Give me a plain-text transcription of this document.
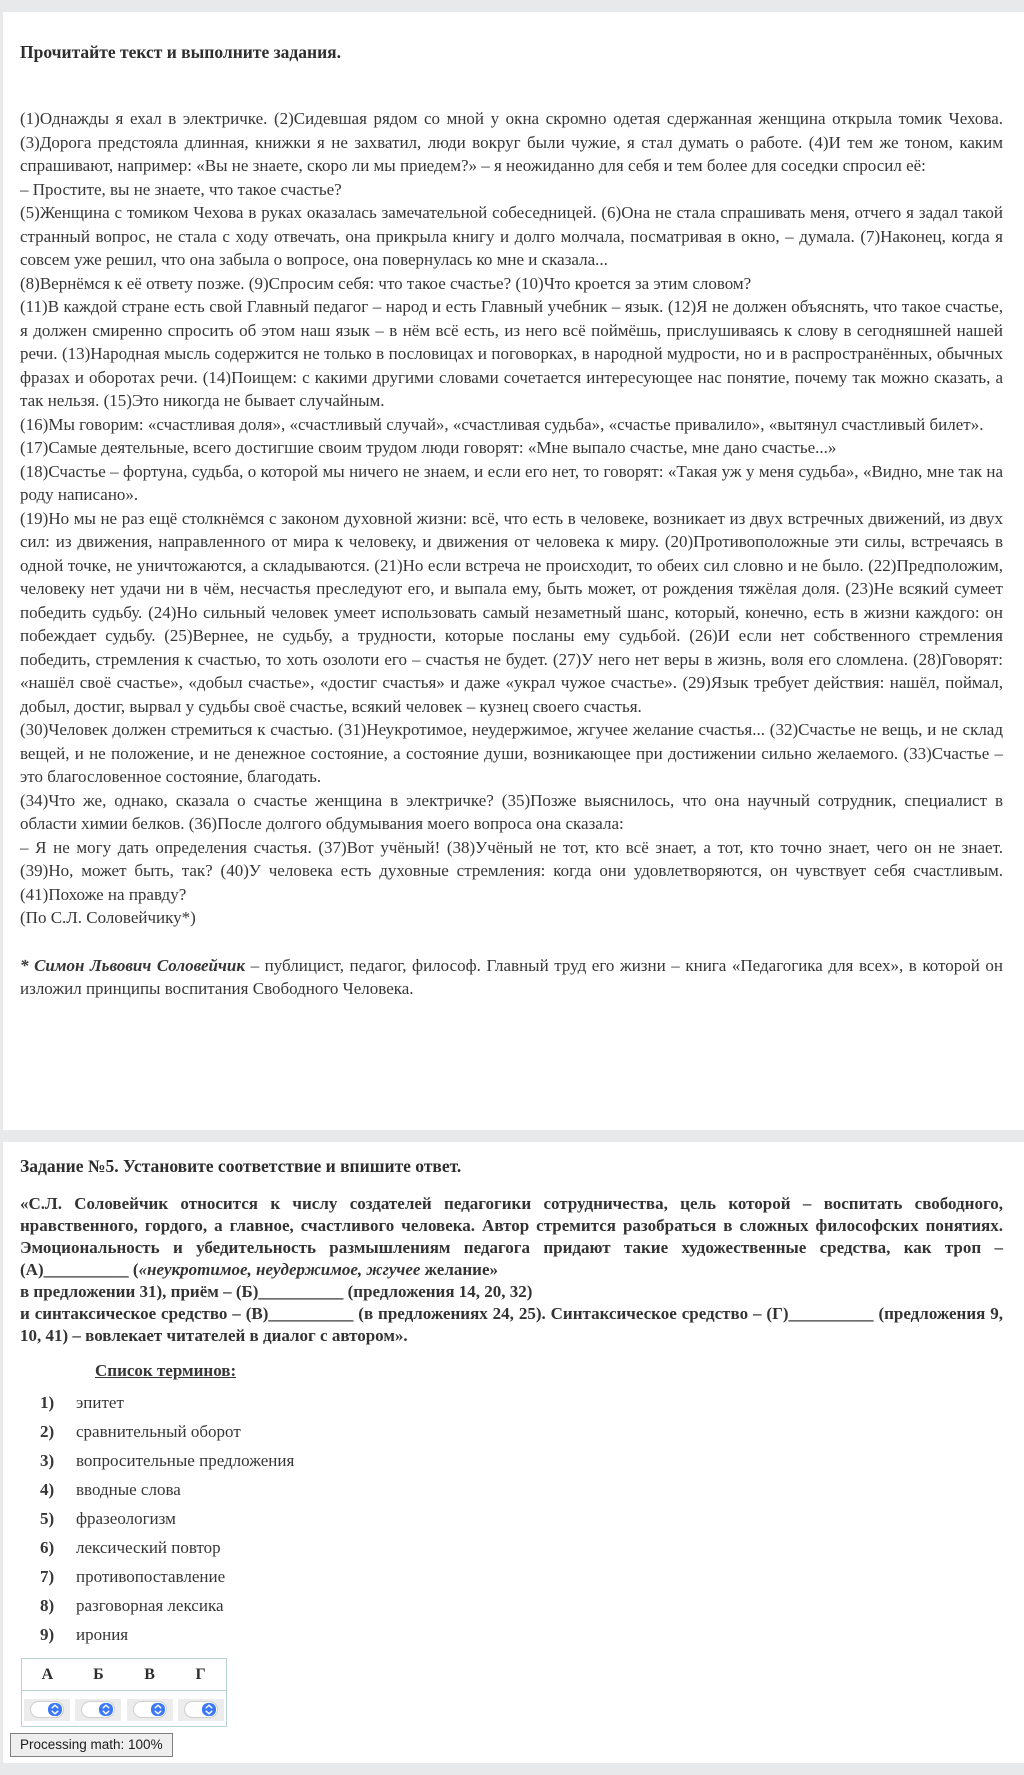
Прочитайте текст и выполните задания.

(1)Однажды я ехал в электричке. (2)Сидевшая рядом со мной у окна скромно одетая сдержанная женщина открыла томик Чехова. (3)Дорога предстояла длинная, книжки я не захватил, люди вокруг были чужие, я стал думать о работе. (4)И тем же тоном, каким спрашивают, например: «Вы не знаете, скоро ли мы приедем?» – я неожиданно для себя и тем более для соседки спросил её:

– Простите, вы не знаете, что такое счастье?

(5)Женщина с томиком Чехова в руках оказалась замечательной собеседницей. (6)Она не стала спрашивать меня, отчего я задал такой странный вопрос, не стала с ходу отвечать, она прикрыла книгу и долго молчала, посматривая в окно, – думала. (7)Наконец, когда я совсем уже решил, что она забыла о вопросе, она повернулась ко мне и сказала...

(8)Вернёмся к её ответу позже. (9)Спросим себя: что такое счастье? (10)Что кроется за этим словом?

(11)В каждой стране есть свой Главный педагог – народ и есть Главный учебник – язык. (12)Я не должен объяснять, что такое счастье, я должен смиренно спросить об этом наш язык – в нём всё есть, из него всё поймёшь, прислушиваясь к слову в сегодняшней нашей речи. (13)Народная мысль содержится не только в пословицах и поговорках, в народной мудрости, но и в распространённых, обычных фразах и оборотах речи. (14)Поищем: с какими другими словами сочетается интересующее нас понятие, почему так можно сказать, а так нельзя. (15)Это никогда не бывает случайным.

(16)Мы говорим: «счастливая доля», «счастливый случай», «счастливая судьба», «счастье привалило», «вытянул счастливый билет».

(17)Самые деятельные, всего достигшие своим трудом люди говорят: «Мне выпало счастье, мне дано счастье...»

(18)Счастье – фортуна, судьба, о которой мы ничего не знаем, и если его нет, то говорят: «Такая уж у меня судьба», «Видно, мне так на роду написано».

(19)Но мы не раз ещё столкнёмся с законом духовной жизни: всё, что есть в человеке, возникает из двух встречных движений, из двух сил: из движения, направленного от мира к человеку, и движения от человека к миру. (20)Противоположные эти силы, встречаясь в одной точке, не уничтожаются, а складываются. (21)Но если встреча не происходит, то обеих сил словно и не было. (22)Предположим, человеку нет удачи ни в чём, несчастья преследуют его, и выпала ему, быть может, от рождения тяжёлая доля. (23)Не всякий сумеет победить судьбу. (24)Но сильный человек умеет использовать самый незаметный шанс, который, конечно, есть в жизни каждого: он побеждает судьбу. (25)Вернее, не судьбу, а трудности, которые посланы ему судьбой. (26)И если нет собственного стремления победить, стремления к счастью, то хоть озолоти его – счастья не будет. (27)У него нет веры в жизнь, воля его сломлена. (28)Говорят: «нашёл своё счастье», «добыл счастье», «достиг счастья» и даже «украл чужое счастье». (29)Язык требует действия: нашёл, поймал, добыл, достиг, вырвал у судьбы своё счастье, всякий человек – кузнец своего счастья.

(30)Человек должен стремиться к счастью. (31)Неукротимое, неудержимое, жгучее желание счастья... (32)Счастье не вещь, и не склад вещей, и не положение, и не денежное состояние, а состояние души, возникающее при достижении сильно желаемого. (33)Счастье – это благословенное состояние, благодать.

(34)Что же, однако, сказала о счастье женщина в электричке? (35)Позже выяснилось, что она научный сотрудник, специалист в области химии белков. (36)После долгого обдумывания моего вопроса она сказала:

– Я не могу дать определения счастья. (37)Вот учёный! (38)Учёный не тот, кто всё знает, а тот, кто точно знает, чего он не знает. (39)Но, может быть, так? (40)У человека есть духовные стремления: когда они удовлетворяются, он чувствует себя счастливым. (41)Похоже на правду?

(По С.Л. Соловейчику*)

* Симон Львович Соловейчик – публицист, педагог, философ. Главный труд его жизни – книга «Педагогика для всех», в которой он изложил принципы воспитания Свободного Человека.

Задание №5. Установите соответствие и впишите ответ.

«С.Л. Соловейчик относится к числу создателей педагогики сотрудничества, цель которой – воспитать свободного, нравственного, гордого, а главное, счастливого человека. Автор стремится разобраться в сложных философских понятиях. Эмоциональность и убедительность размышлениям педагога придают такие художественные средства, как троп – (А)__________ («неукротимое, неудержимое, жгучее желание»
в предложении 31), приём – (Б)__________ (предложения 14, 20, 32)
и синтаксическое средство – (В)__________ (в предложениях 24, 25). Синтаксическое средство – (Г)__________ (предложения 9, 10, 41) – вовлекает читателей в диалог с автором».

Список терминов:

1) эпитет
2) сравнительный оборот
3) вопросительные предложения
4) вводные слова
5) фразеологизм
6) лексический повтор
7) противопоставление
8) разговорная лексика
9) ирония
А	Б	В	Г

Processing math: 100%
